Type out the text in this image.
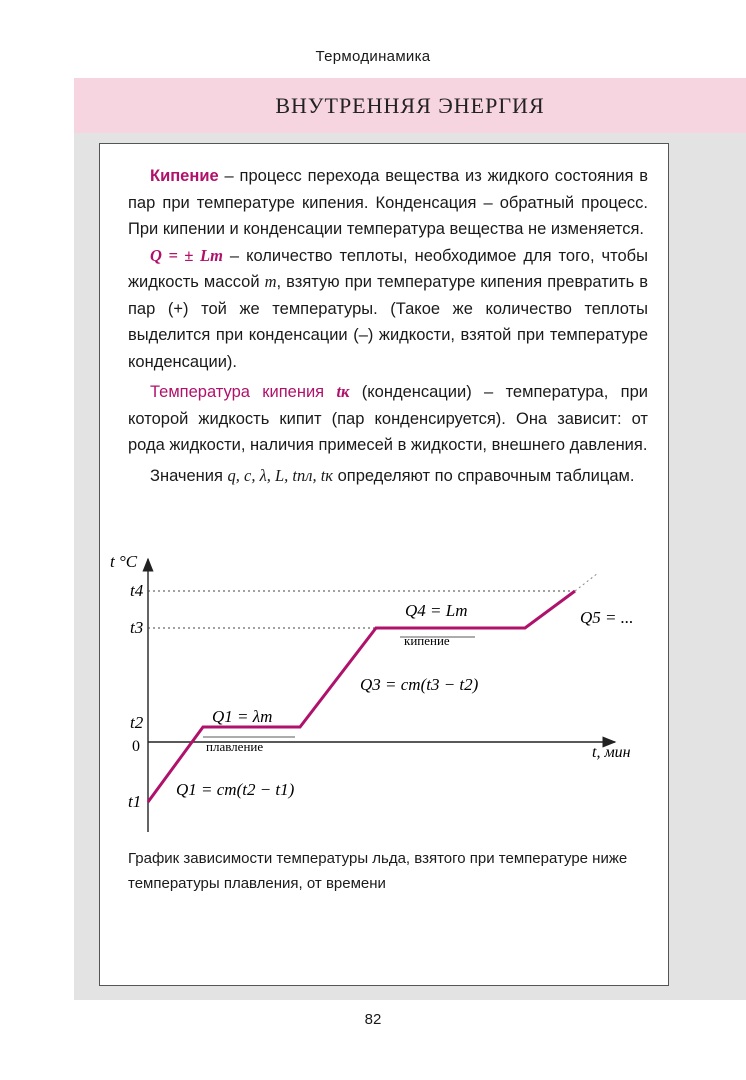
Термодинамика
ВНУТРЕННЯЯ ЭНЕРГИЯ

Кипение – процесс перехода вещества из жидкого состояния в пар при температуре кипения. Конденсация – обратный процесс. При кипении и конденсации температура вещества не изменяется.

Q = ± Lm – количество теплоты, необходимое для того, чтобы жидкость массой m, взятую при температуре кипения превратить в пар (+) той же температуры. (Такое же количество теплоты выделится при конденсации (–) жидкости, взятой при температуре конденсации).

Температура кипения tк (конденсации) – температура, при которой жидкость кипит (пар конденсируется). Она зависит: от рода жидкости, наличия примесей в жидкости, внешнего давления.

Значения q, c, λ, L, tпл, tк определяют по справочным таблицам.

t °C
t4
t3
t2
0
t1
t, мин
Q1 = λm
плавление
Q1 = cm(t2 − t1)
Q3 = cm(t3 − t2)
Q4 = Lm
кипение
Q5 = ...
График зависимости температуры льда, взятого при температуре ниже температуры плавления, от времени
82
